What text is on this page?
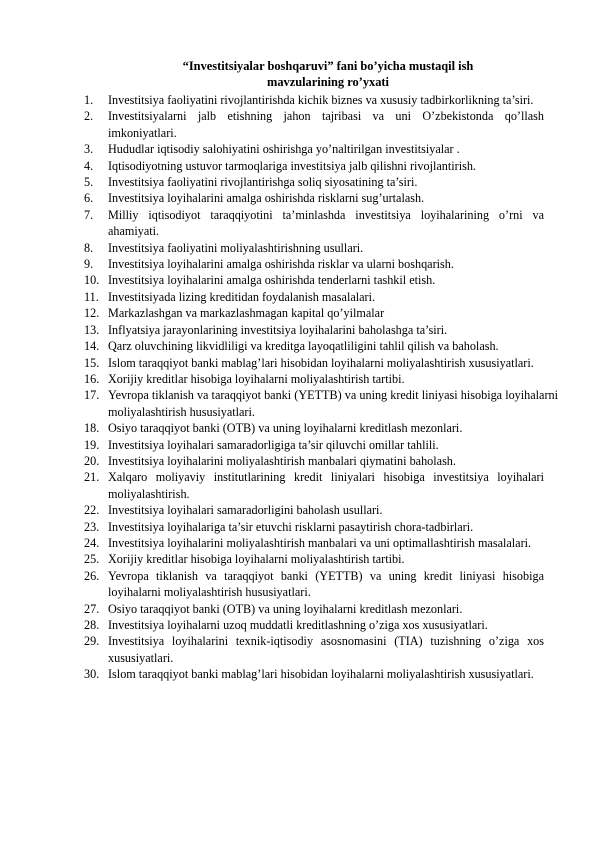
“Investitsiyalar boshqaruvi” fani bo’yicha mustaqil ish
mavzularining ro’yxati
1. Investitsiya faoliyatini rivojlantirishda kichik biznes va xususiy tadbirkorlikning ta’siri.
2. Investitsiyalarni jalb etishning jahon tajribasi va uni O’zbekistonda qo’llash imkoniyatlari.
3. Hududlar iqtisodiy salohiyatini oshirishga yo’naltirilgan investitsiyalar .
4. Iqtisodiyotning ustuvor tarmoqlariga investitsiya jalb qilishni rivojlantirish.
5. Investitsiya faoliyatini rivojlantirishga soliq siyosatining ta’siri.
6. Investitsiya loyihalarini amalga oshirishda risklarni sug’urtalash.
7. Milliy iqtisodiyot taraqqiyotini ta’minlashda investitsiya loyihalarining o’rni va ahamiyati.
8. Investitsiya faoliyatini moliyalashtirishning usullari.
9. Investitsiya loyihalarini amalga oshirishda risklar va ularni boshqarish.
10. Investitsiya loyihalarini amalga oshirishda tenderlarni tashkil etish.
11. Investitsiyada lizing kreditidan foydalanish masalalari.
12. Markazlashgan va markazlashmagan kapital qo’yilmalar
13. Inflyatsiya jarayonlarining investitsiya loyihalarini baholashga ta’siri.
14. Qarz oluvchining likvidliligi va kreditga layoqatliligini tahlil qilish va baholash.
15. Islom taraqqiyot banki mablag’lari hisobidan loyihalarni moliyalashtirish xususiyatlari.
16. Xorijiy kreditlar hisobiga loyihalarni moliyalashtirish tartibi.
17. Yevropa tiklanish va taraqqiyot banki (YETTB) va uning kredit liniyasi hisobiga loyihalarni moliyalashtirish hususiyatlari.
18. Osiyo taraqqiyot banki (OTB) va uning loyihalarni kreditlash mezonlari.
19. Investitsiya loyihalari samaradorligiga ta’sir qiluvchi omillar tahlili.
20. Investitsiya loyihalarini moliyalashtirish manbalari qiymatini baholash.
21. Xalqaro moliyaviy institutlarining kredit liniyalari hisobiga investitsiya loyihalari moliyalashtirish.
22. Investitsiya loyihalari samaradorligini baholash usullari.
23. Investitsiya loyihalariga ta’sir etuvchi risklarni pasaytirish chora-tadbirlari.
24. Investitsiya loyihalarini moliyalashtirish manbalari va uni optimallashtirish masalalari.
25. Xorijiy kreditlar hisobiga loyihalarni moliyalashtirish tartibi.
26. Yevropa tiklanish va taraqqiyot banki (YETTB) va uning kredit liniyasi hisobiga loyihalarni moliyalashtirish hususiyatlari.
27. Osiyo taraqqiyot banki (OTB) va uning loyihalarni kreditlash mezonlari.
28. Investitsiya loyihalarni uzoq muddatli kreditlashning o’ziga xos xususiyatlari.
29. Investitsiya loyihalarini texnik-iqtisodiy asosnomasini (TIA) tuzishning o’ziga xos xususiyatlari.
30. Islom taraqqiyot banki mablag’lari hisobidan loyihalarni moliyalashtirish xususiyatlari.
